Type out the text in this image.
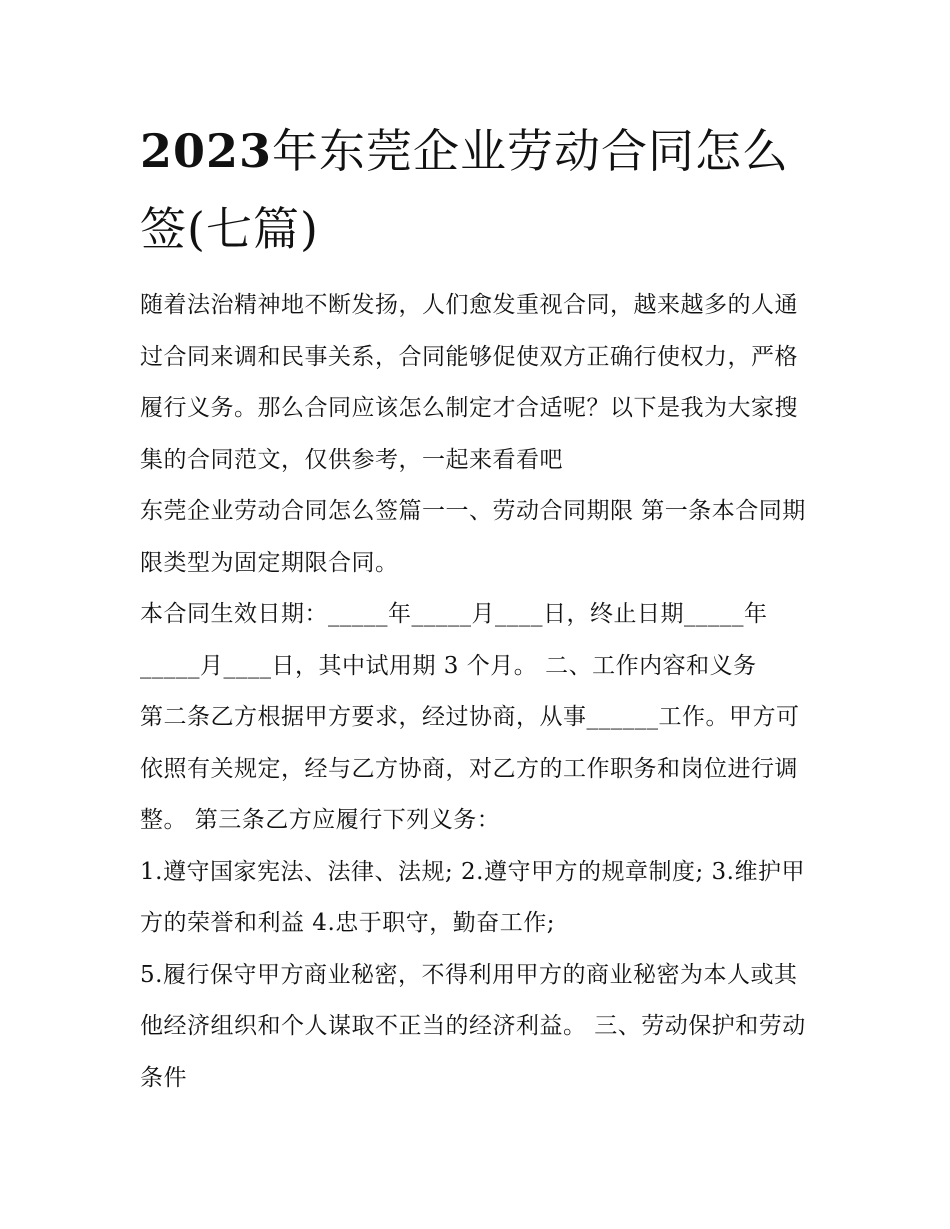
2023年东莞企业劳动合同怎么签(七篇)

随着法治精神地不断发扬，人们愈发重视合同，越来越多的人通过合同来调和民事关系，合同能够促使双方正确行使权力，严格履行义务。那么合同应该怎么制定才合适呢？以下是我为大家搜集的合同范文，仅供参考，一起来看看吧

东莞企业劳动合同怎么签篇一一、劳动合同期限 第一条本合同期限类型为固定期限合同。

本合同生效日期：_____年_____月____日，终止日期_____年_____月____日，其中试用期 3 个月。 二、工作内容和义务

第二条乙方根据甲方要求，经过协商，从事______工作。甲方可依照有关规定，经与乙方协商，对乙方的工作职务和岗位进行调整。 第三条乙方应履行下列义务：

1.遵守国家宪法、法律、法规; 2.遵守甲方的规章制度; 3.维护甲方的荣誉和利益 4.忠于职守，勤奋工作;

5.履行保守甲方商业秘密，不得利用甲方的商业秘密为本人或其他经济组织和个人谋取不正当的经济利益。 三、劳动保护和劳动条件
